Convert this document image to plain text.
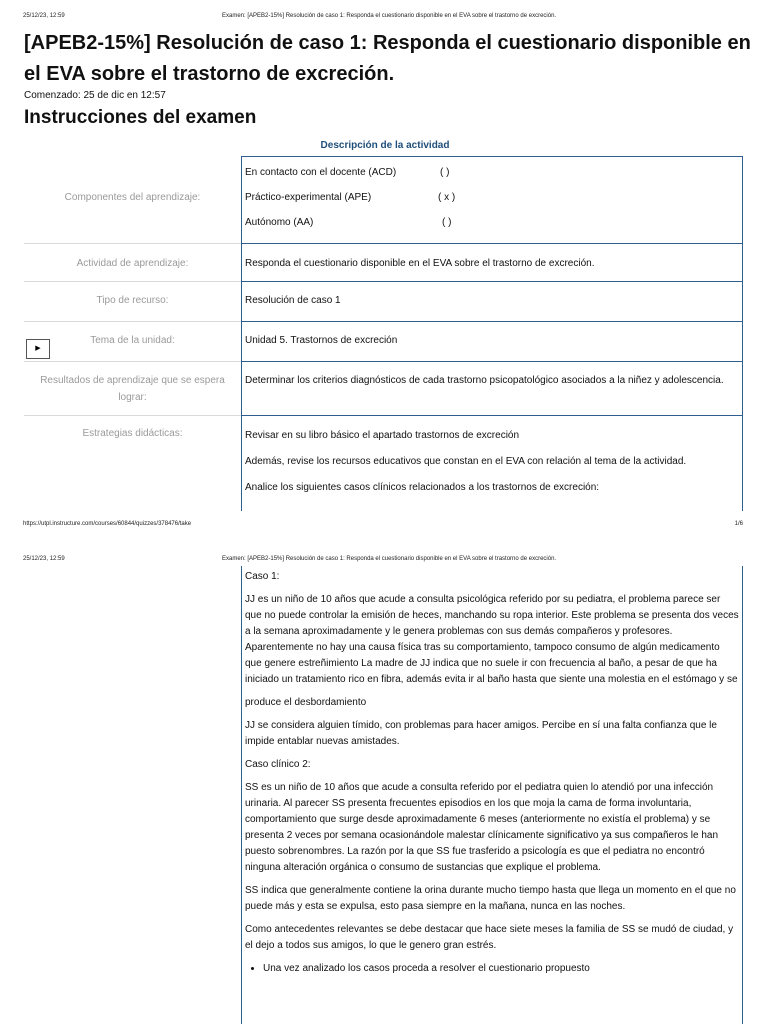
25/12/23, 12:59	Examen: [APEB2-15%] Resolución de caso 1: Responda el cuestionario disponible en el EVA sobre el trastorno de excreción.
[APEB2-15%] Resolución de caso 1: Responda el cuestionario disponible en el EVA sobre el trastorno de excreción.
Comenzado: 25 de dic en 12:57
Instrucciones del examen
Descripción de la actividad
Componentes del aprendizaje:
En contacto con el docente (ACD)	( )
Práctico-experimental (APE)	( x )
Autónomo (AA)	( )
Actividad de aprendizaje:	Responda el cuestionario disponible en el EVA sobre el trastorno de excreción.
Tipo de recurso:	Resolución de caso 1
Tema de la unidad:	Unidad 5. Trastornos de excreción
Resultados de aprendizaje que se espera lograr:
Determinar los criterios diagnósticos de cada trastorno psicopatológico asociados a la niñez y adolescencia.
Estrategias didácticas:	Revisar en su libro básico el apartado trastornos de excreción

Además, revise los recursos educativos que constan en el EVA con relación al tema de la actividad.

Analice los siguientes casos clínicos relacionados a los trastornos de excreción:

▶
https://utpl.instructure.com/courses/60844/quizzes/378476/take	1/6
25/12/23, 12:59	Examen: [APEB2-15%] Resolución de caso 1: Responda el cuestionario disponible en el EVA sobre el trastorno de excreción.

Caso 1:

JJ es un niño de 10 años que acude a consulta psicológica referido por su pediatra, el problema parece ser que no puede controlar la emisión de heces, manchando su ropa interior. Este problema se presenta dos veces a la semana aproximadamente y le genera problemas con sus demás compañeros y profesores. Aparentemente no hay una causa física tras su comportamiento, tampoco consumo de algún medicamento que genere estreñimiento La madre de JJ indica que no suele ir con frecuencia al baño, a pesar de que ha iniciado un tratamiento rico en fibra, además evita ir al baño hasta que siente una molestia en el estómago y se

produce el desbordamiento

JJ se considera alguien tímido, con problemas para hacer amigos. Percibe en sí una falta confianza que le impide entablar nuevas amistades.

Caso clínico 2:

SS es un niño de 10 años que acude a consulta referido por el pediatra quien lo atendió por una infección urinaria. Al parecer SS presenta frecuentes episodios en los que moja la cama de forma involuntaria, comportamiento que surge desde aproximadamente 6 meses (anteriormente no existía el problema) y se presenta 2 veces por semana ocasionándole malestar clínicamente significativo ya sus compañeros le han puesto sobrenombres. La razón por la que SS fue trasferido a psicología es que el pediatra no encontró ninguna alteración orgánica o consumo de sustancias que explique el problema.

SS indica que generalmente contiene la orina durante mucho tiempo hasta que llega un momento en el que no puede más y esta se expulsa, esto pasa siempre en la mañana, nunca en las noches.

Como antecedentes relevantes se debe destacar que hace siete meses la familia de SS se mudó de ciudad, y el dejo a todos sus amigos, lo que le genero gran estrés.

• Una vez analizado los casos proceda a resolver el cuestionario propuesto
